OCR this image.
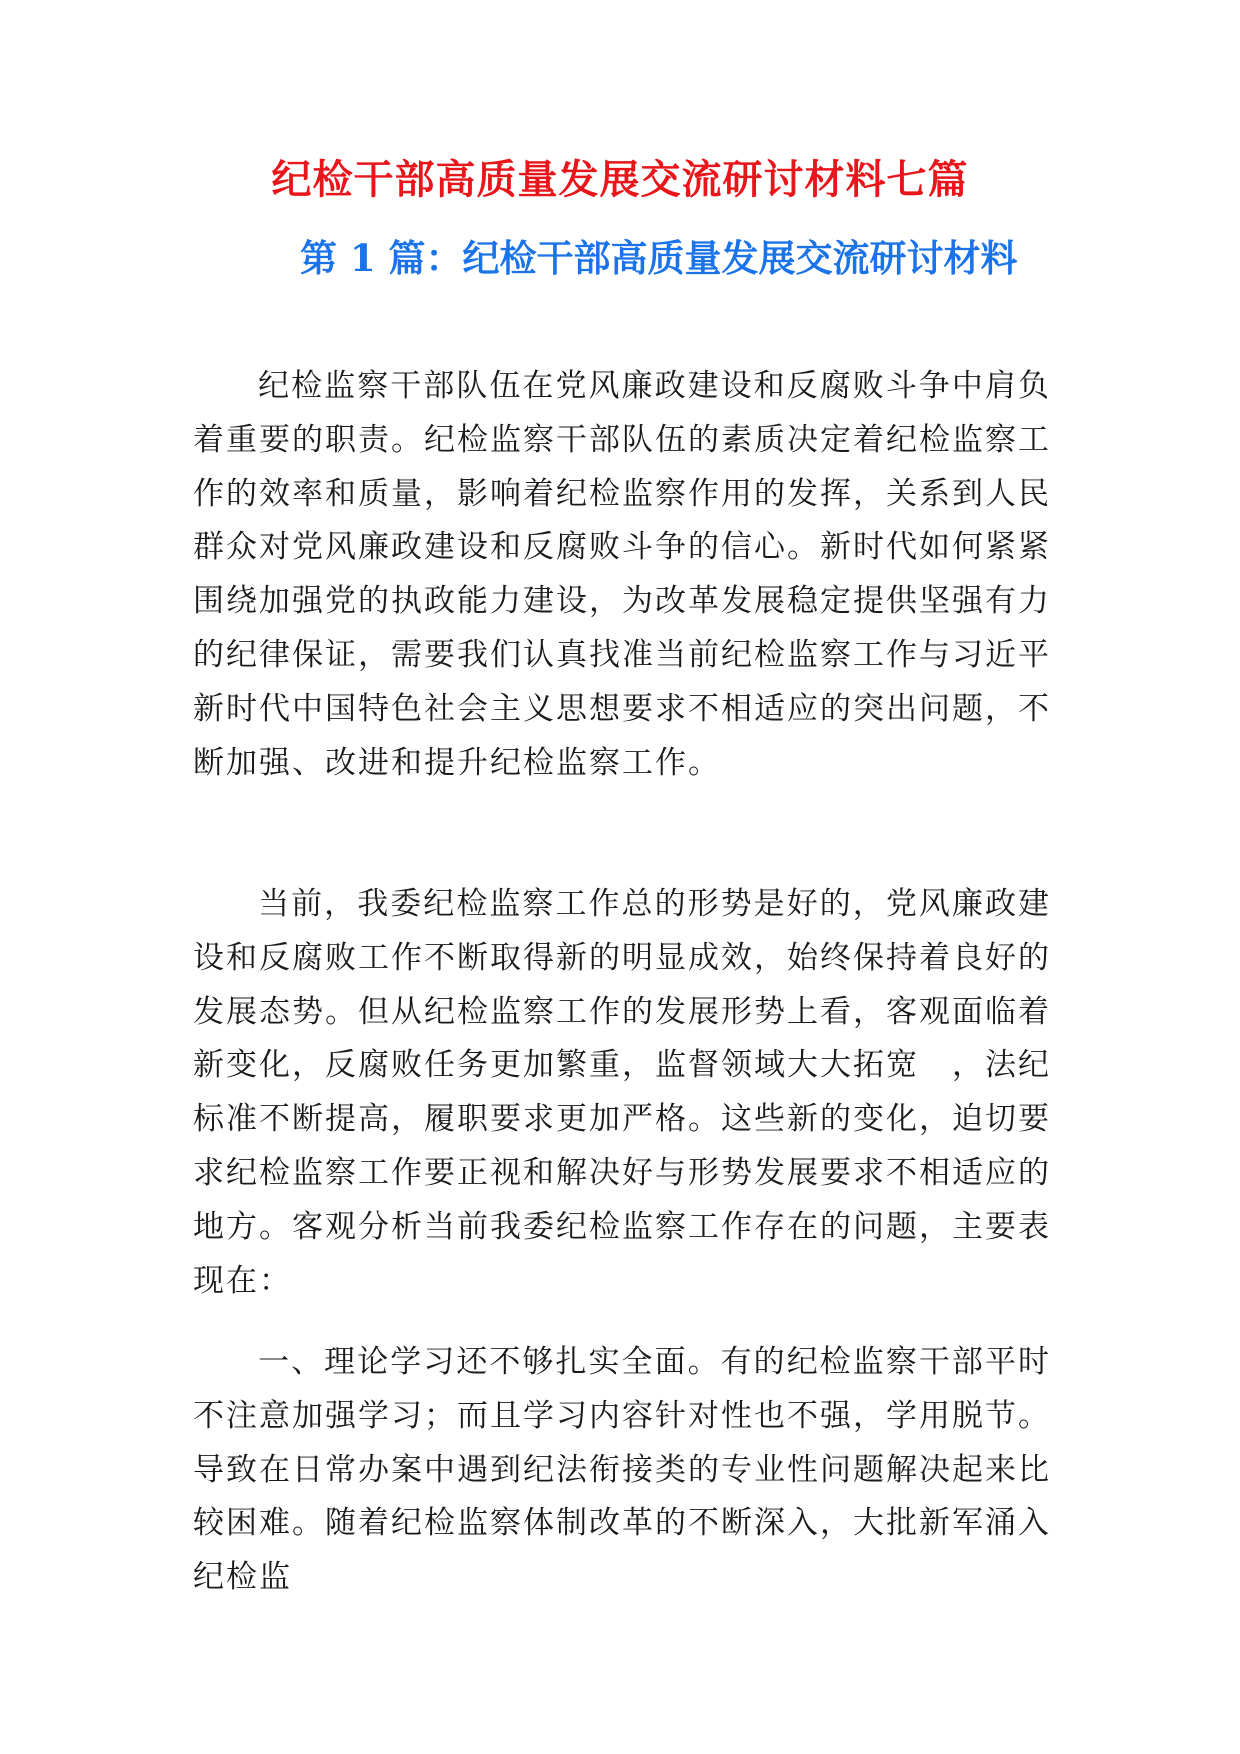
纪检干部高质量发展交流研讨材料七篇
第 1 篇：纪检干部高质量发展交流研讨材料

纪检监察干部队伍在党风廉政建设和反腐败斗争中肩负着重要的职责。纪检监察干部队伍的素质决定着纪检监察工作的效率和质量，影响着纪检监察作用的发挥，关系到人民群众对党风廉政建设和反腐败斗争的信心。新时代如何紧紧围绕加强党的执政能力建设，为改革发展稳定提供坚强有力的纪律保证，需要我们认真找准当前纪检监察工作与习近平新时代中国特色社会主义思想要求不相适应的突出问题，不断加强、改进和提升纪检监察工作。

当前，我委纪检监察工作总的形势是好的，党风廉政建设和反腐败工作不断取得新的明显成效，始终保持着良好的发展态势。但从纪检监察工作的发展形势上看，客观面临着新变化，反腐败任务更加繁重，监督领域大大拓宽　，法纪标准不断提高，履职要求更加严格。这些新的变化，迫切要求纪检监察工作要正视和解决好与形势发展要求不相适应的地方。客观分析当前我委纪检监察工作存在的问题，主要表现在：

一、理论学习还不够扎实全面。有的纪检监察干部平时不注意加强学习；而且学习内容针对性也不强，学用脱节。导致在日常办案中遇到纪法衔接类的专业性问题解决起来比较困难。随着纪检监察体制改革的不断深入，大批新军涌入纪检监
